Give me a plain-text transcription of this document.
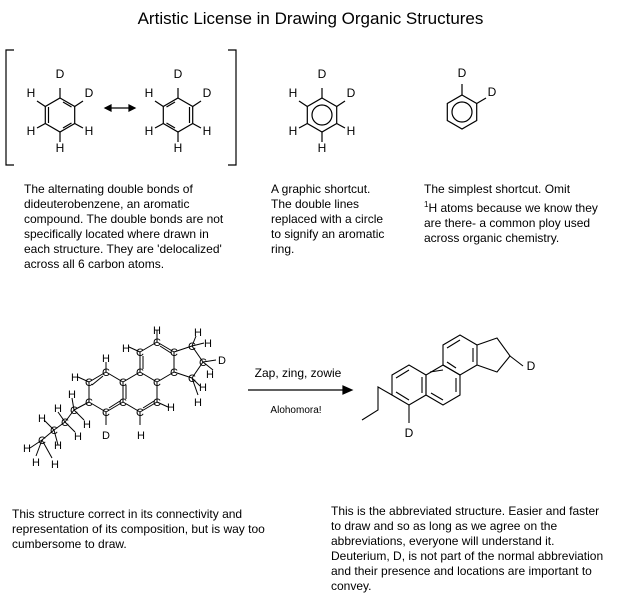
Artistic License in Drawing Organic Structures
D
D
H
H
H
H
D
D
H
H
H
H
D
D
H
H
H
H
D
D
H
H C
C
C
C
C
C
C
C
C
C
C
C
C
C
H
H
D H
H
C
C
C
H
H
D
H
H
H
C
H
H
C
H
H
C
H
H
C
H
H H
Zap, zing, zowie
Alohomora!
D
D
The alternating double bonds of dideuterobenzene, an aromatic compound. The double bonds are not specifically located where drawn in each structure. They are 'delocalized' across all 6 carbon atoms.
A graphic shortcut. The double lines replaced with a circle to signify an aromatic ring.
The simplest shortcut. Omit
$^1$H atoms because we know they are there- a common ploy used across organic chemistry.
This structure correct in its connectivity and representation of its composition, but is way too cumbersome to draw.
This is the abbreviated structure. Easier and faster to draw and so as long as we agree on the abbreviations, everyone will understand it. Deuterium, D, is not part of the normal abbreviation and their presence and locations are important to convey.
